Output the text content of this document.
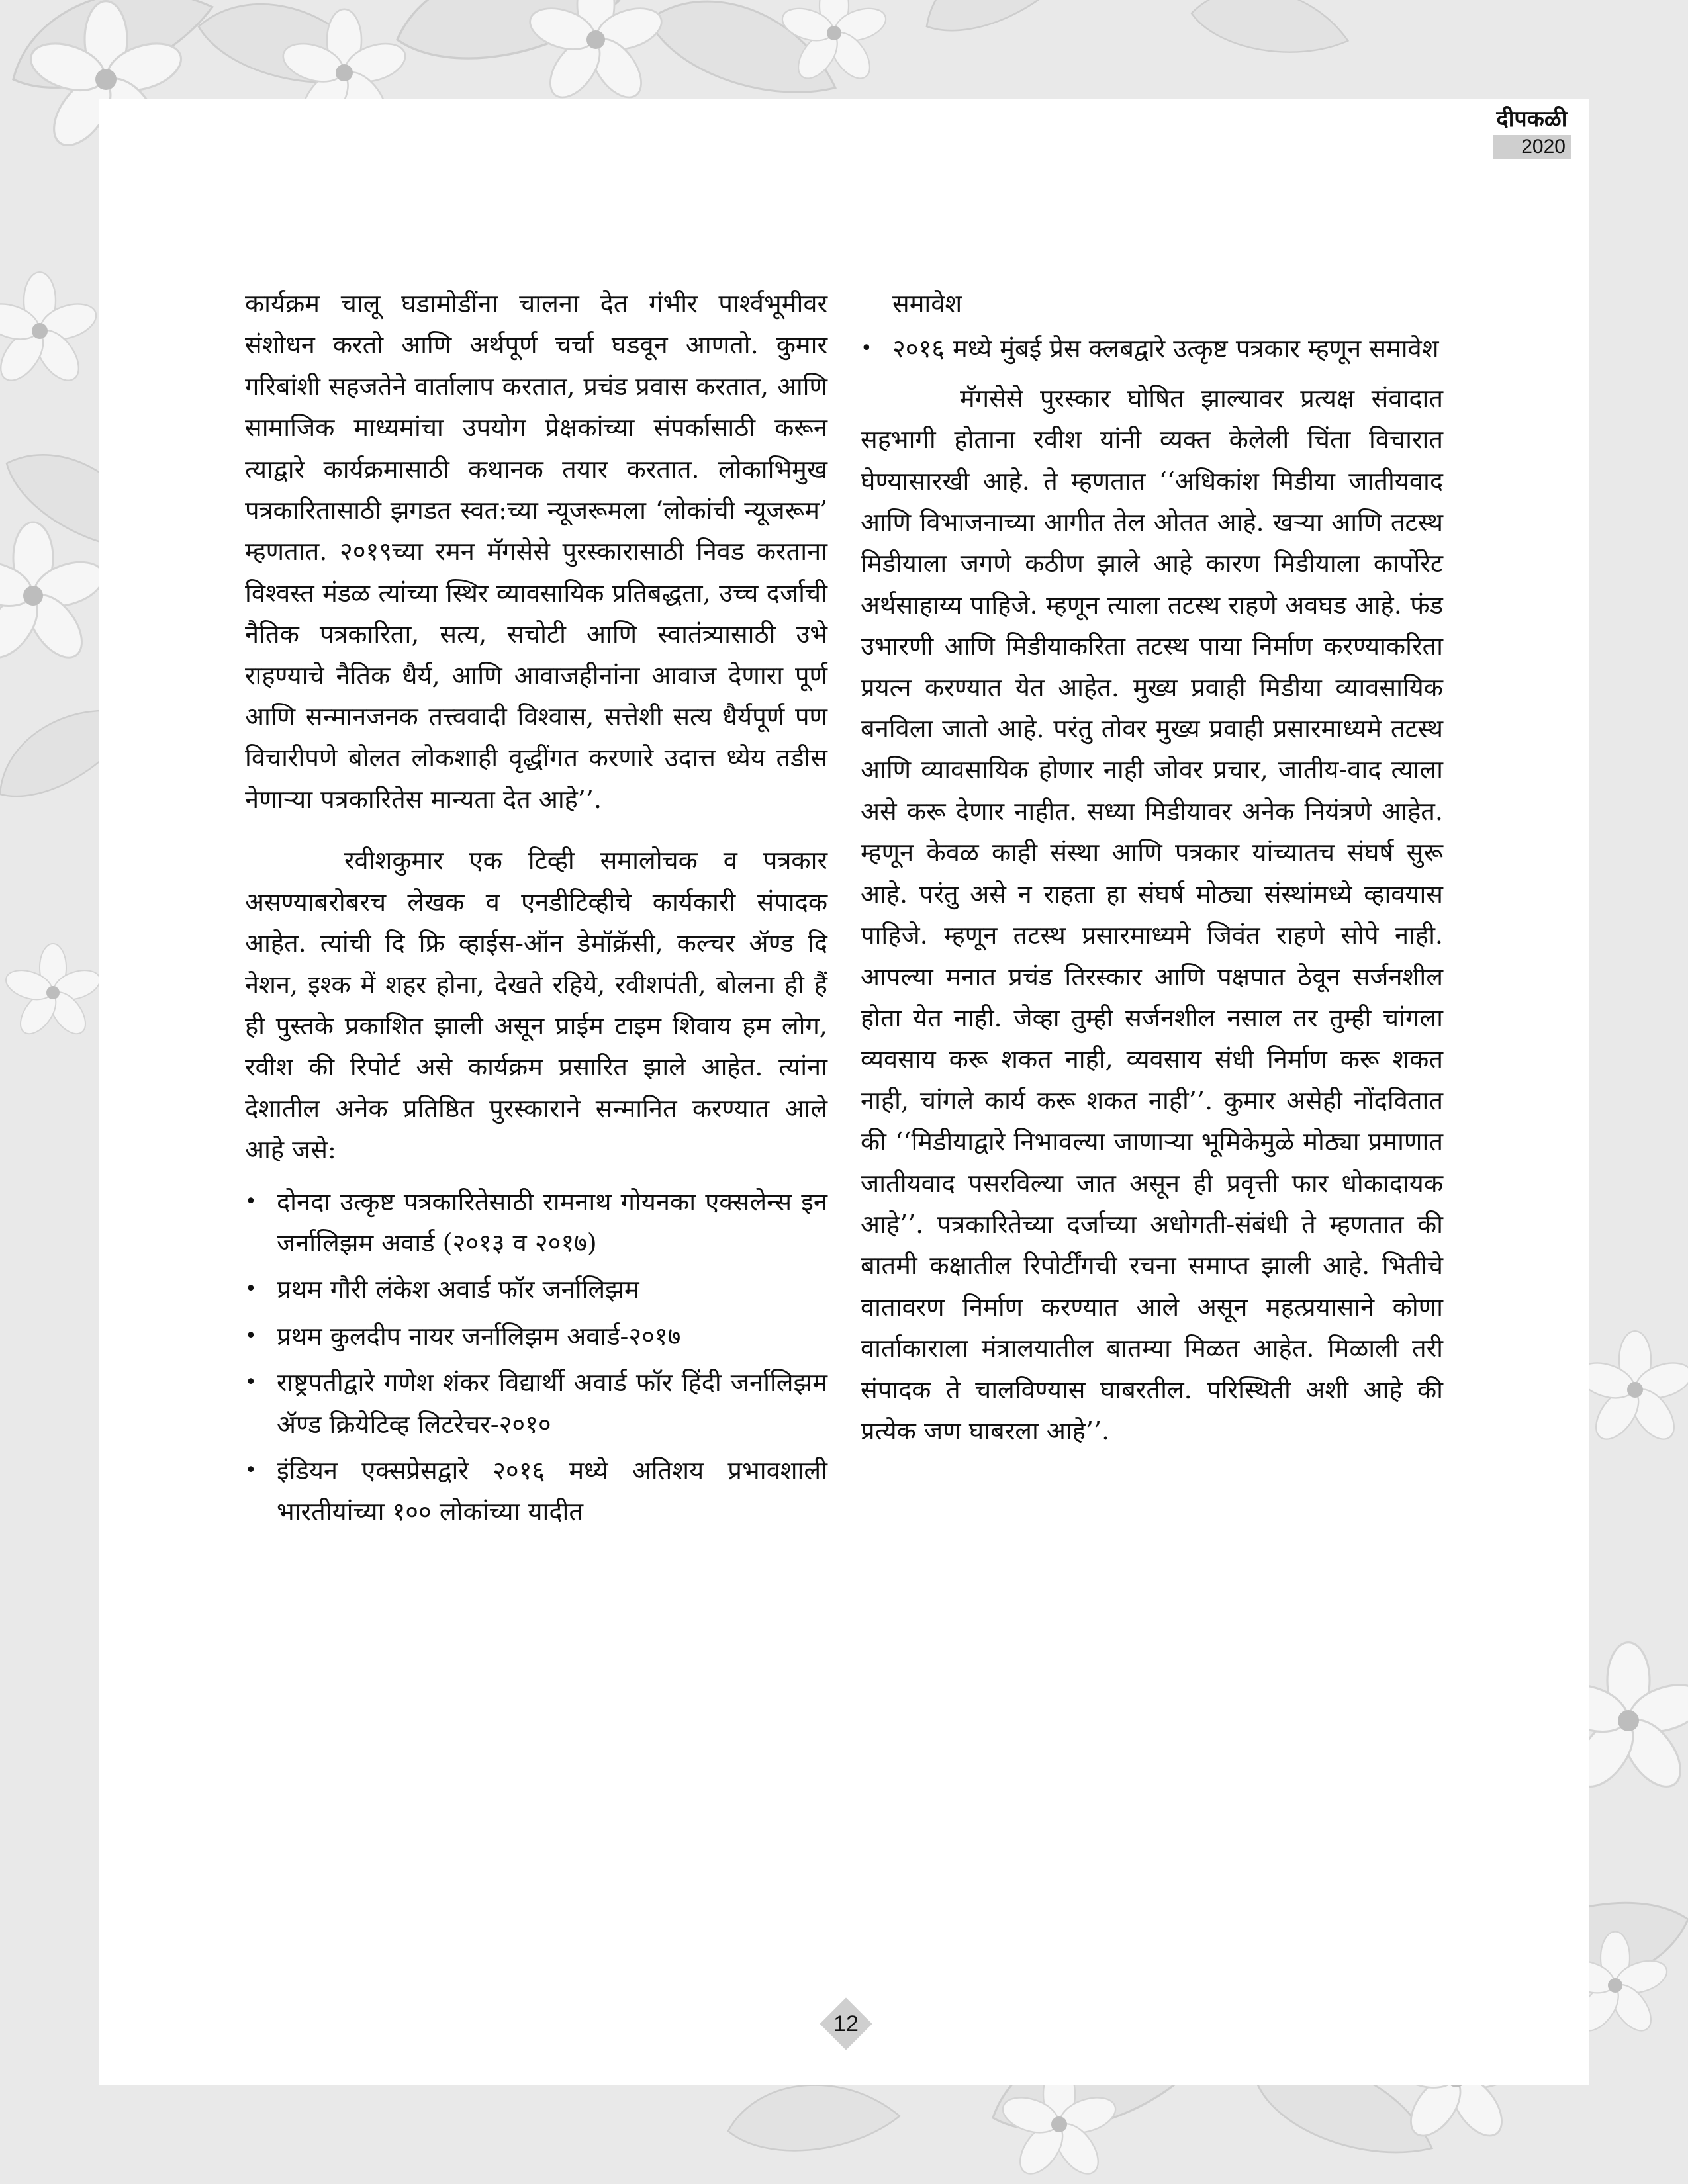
दीपकळी
2020

कार्यक्रम चालू घडामोडींना चालना देत गंभीर पार्श्वभूमीवर संशोधन करतो आणि अर्थपूर्ण चर्चा घडवून आणतो. कुमार गरिबांशी सहजतेने वार्तालाप करतात, प्रचंड प्रवास करतात, आणि सामाजिक माध्यमांचा उपयोग प्रेक्षकांच्या संपर्कासाठी करून त्याद्वारे कार्यक्रमासाठी कथानक तयार करतात. लोकाभिमुख पत्रकारितासाठी झगडत स्वत:च्या न्यूजरूमला ‘लोकांची न्यूजरूम’ म्हणतात. २०१९च्या रमन मॅगसेसे पुरस्कारासाठी निवड करताना विश्वस्त मंडळ त्यांच्या स्थिर व्यावसायिक प्रतिबद्धता, उच्च दर्जाची नैतिक पत्रकारिता, सत्य, सचोटी आणि स्वातंत्र्यासाठी उभे राहण्याचे नैतिक धैर्य, आणि आवाजहीनांना आवाज देणारा पूर्ण आणि सन्मानजनक तत्त्ववादी विश्वास, सत्तेशी सत्य धैर्यपूर्ण पण विचारीपणे बोलत लोकशाही वृद्धींगत करणारे उदात्त ध्येय तडीस नेणाऱ्या पत्रकारितेस मान्यता देत आहे’’.

रवीशकुमार एक टिव्ही समालोचक व पत्रकार असण्याबरोबरच लेखक व एनडीटिव्हीचे कार्यकारी संपादक आहेत. त्यांची दि फ्रि व्हाईस-ऑन डेमॉक्रॅसी, कल्चर ॲण्ड दि नेशन, इश्क में शहर होना, देखते रहिये, रवीशपंती, बोलना ही हैं ही पुस्तके प्रकाशित झाली असून प्राईम टाइम शिवाय हम लोग, रवीश की रिपोर्ट असे कार्यक्रम प्रसारित झाले आहेत. त्यांना देशातील अनेक प्रतिष्ठित पुरस्काराने सन्मानित करण्यात आले आहे जसे:

• दोनदा उत्कृष्ट पत्रकारितेसाठी रामनाथ गोयनका एक्सलेन्स इन जर्नालिझम अवार्ड (२०१३ व २०१७)
• प्रथम गौरी लंकेश अवार्ड फॉर जर्नालिझम
• प्रथम कुलदीप नायर जर्नालिझम अवार्ड-२०१७
• राष्ट्रपतीद्वारे गणेश शंकर विद्यार्थी अवार्ड फॉर हिंदी जर्नालिझम ॲण्ड क्रियेटिव्ह लिटरेचर-२०१०
• इंडियन एक्सप्रेसद्वारे २०१६ मध्ये अतिशय प्रभावशाली भारतीयांच्या १०० लोकांच्या यादीत

समावेश

• २०१६ मध्ये मुंबई प्रेस क्लबद्वारे उत्कृष्ट पत्रकार म्हणून समावेश

मॅगसेसे पुरस्कार घोषित झाल्यावर प्रत्यक्ष संवादात सहभागी होताना रवीश यांनी व्यक्त केलेली चिंता विचारात घेण्यासारखी आहे. ते म्हणतात ‘‘अधिकांश मिडीया जातीयवाद आणि विभाजनाच्या आगीत तेल ओतत आहे. खऱ्या आणि तटस्थ मिडीयाला जगणे कठीण झाले आहे कारण मिडीयाला कार्पोरेट अर्थसाहाय्य पाहिजे. म्हणून त्याला तटस्थ राहणे अवघड आहे. फंड उभारणी आणि मिडीयाकरिता तटस्थ पाया निर्माण करण्याकरिता प्रयत्न करण्यात येत आहेत. मुख्य प्रवाही मिडीया व्यावसायिक बनविला जातो आहे. परंतु तोवर मुख्य प्रवाही प्रसारमाध्यमे तटस्थ आणि व्यावसायिक होणार नाही जोवर प्रचार, जातीय-वाद त्याला असे करू देणार नाहीत. सध्या मिडीयावर अनेक नियंत्रणे आहेत. म्हणून केवळ काही संस्था आणि पत्रकार यांच्यातच संघर्ष सुरू आहे. परंतु असे न राहता हा संघर्ष मोठ्या संस्थांमध्ये व्हावयास पाहिजे. म्हणून तटस्थ प्रसारमाध्यमे जिवंत राहणे सोपे नाही. आपल्या मनात प्रचंड तिरस्कार आणि पक्षपात ठेवून सर्जनशील होता येत नाही. जेव्हा तुम्ही सर्जनशील नसाल तर तुम्ही चांगला व्यवसाय करू शकत नाही, व्यवसाय संधी निर्माण करू शकत नाही, चांगले कार्य करू शकत नाही’’. कुमार असेही नोंदवितात की ‘‘मिडीयाद्वारे निभावल्या जाणाऱ्या भूमिकेमुळे मोठ्या प्रमाणात जातीयवाद पसरविल्या जात असून ही प्रवृत्ती फार धोकादायक आहे’’. पत्रकारितेच्या दर्जाच्या अधोगती-संबंधी ते म्हणतात की बातमी कक्षातील रिपोर्टींगची रचना समाप्त झाली आहे. भितीचे वातावरण निर्माण करण्यात आले असून महत्प्रयासाने कोणा वार्ताकाराला मंत्रालयातील बातम्या मिळत आहेत. मिळाली तरी संपादक ते चालविण्यास घाबरतील. परिस्थिती अशी आहे की प्रत्येक जण घाबरला आहे’’.

12
